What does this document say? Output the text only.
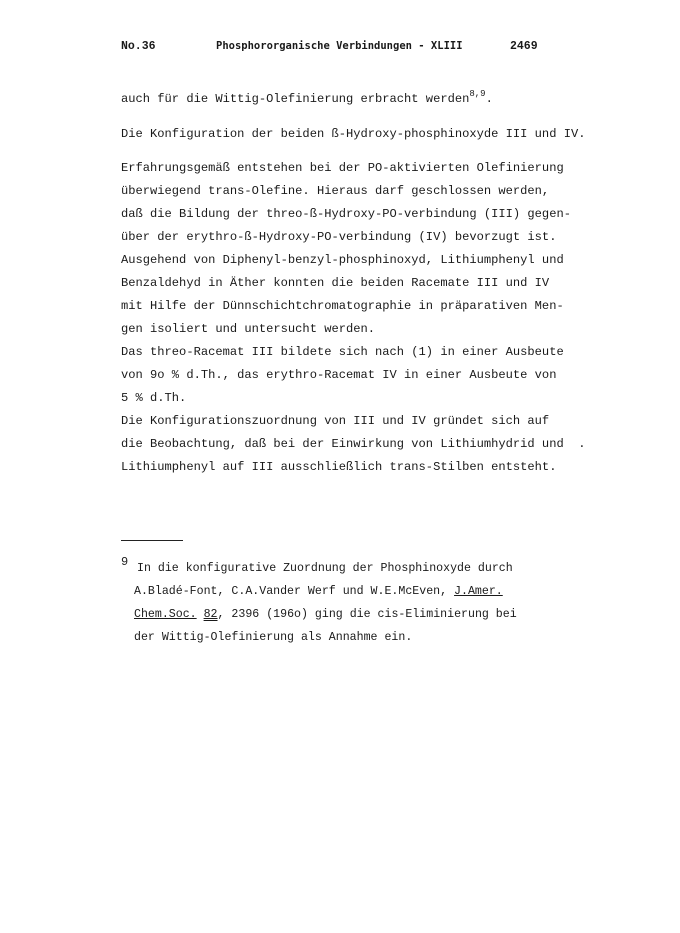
No.36	Phosphororganische Verbindungen - XLIII	2469
auch für die Wittig-Olefinierung erbracht werden$^{8,9}$.
Die Konfiguration der beiden ß-Hydroxy-phosphinoxyde III und IV.
Erfahrungsgemäß entstehen bei der PO-aktivierten Olefinierung
überwiegend trans-Olefine. Hieraus darf geschlossen werden,
daß die Bildung der threo-ß-Hydroxy-PO-verbindung (III) gegen-
über der erythro-ß-Hydroxy-PO-verbindung (IV) bevorzugt ist.
Ausgehend von Diphenyl-benzyl-phosphinoxyd, Lithiumphenyl und
Benzaldehyd in Äther konnten die beiden Racemate III und IV
mit Hilfe der Dünnschichtchromatographie in präparativen Men-
gen isoliert und untersucht werden.
Das threo-Racemat III bildete sich nach (1) in einer Ausbeute
von 9o % d.Th., das erythro-Racemat IV in einer Ausbeute von
5 % d.Th.
Die Konfigurationszuordnung von III und IV gründet sich auf
die Beobachtung, daß bei der Einwirkung von Lithiumhydrid und  .
Lithiumphenyl auf III ausschließlich trans-Stilben entsteht.
9 In die konfigurative Zuordnung der Phosphinoxyde durch
A.Bladé-Font, C.A.Vander Werf und W.E.McEven, J.Amer.
Chem.Soc. 82, 2396 (196o) ging die cis-Eliminierung bei
der Wittig-Olefinierung als Annahme ein.
